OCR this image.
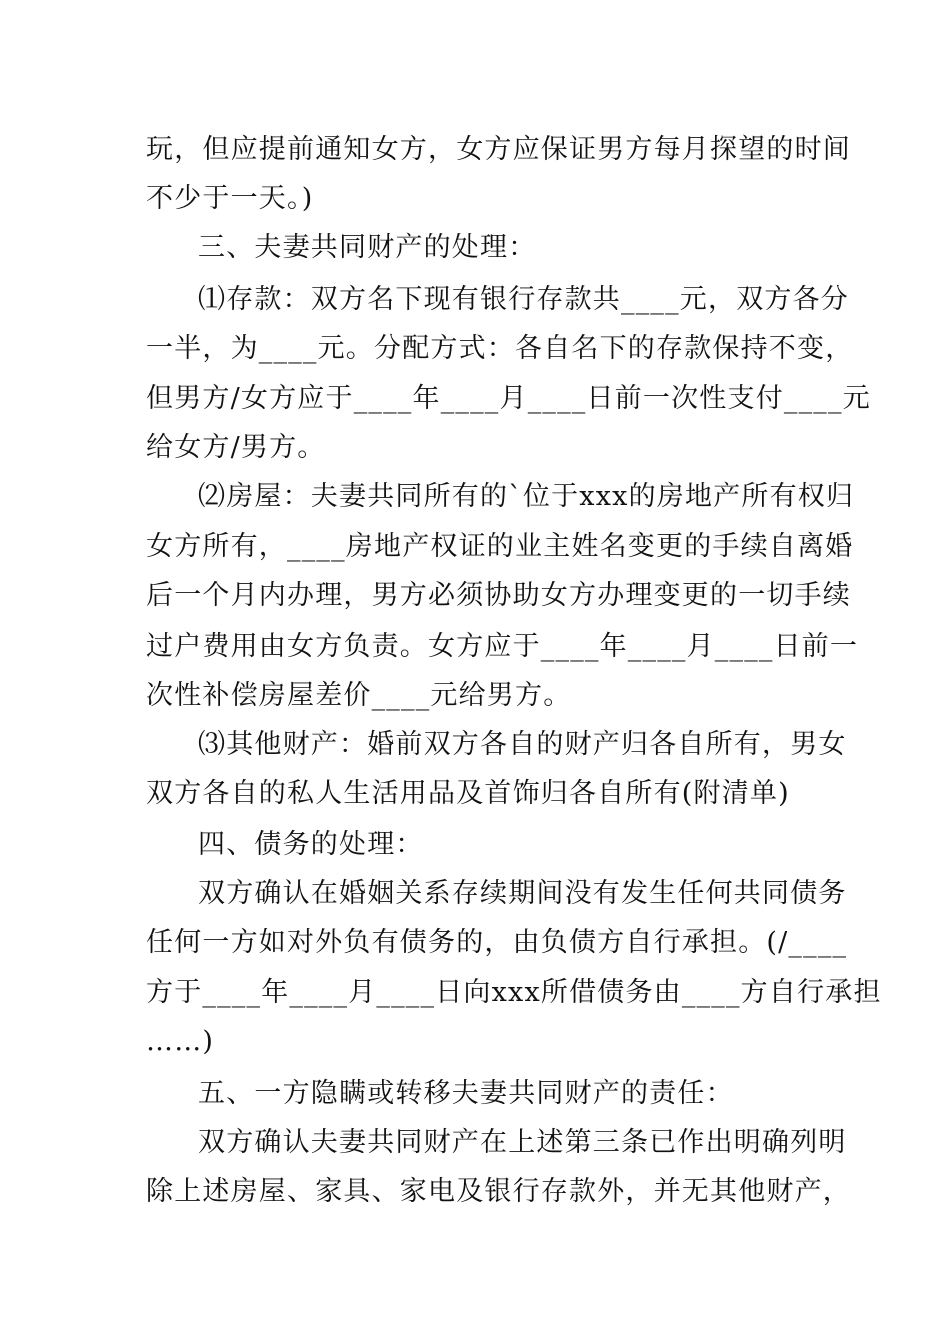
玩，但应提前通知女方，女方应保证男方每月探望的时间
不少于一天。)
三、夫妻共同财产的处理：
⑴存款：双方名下现有银行存款共____元，双方各分
一半，为____元。分配方式：各自名下的存款保持不变，
但男方/女方应于____年____月____日前一次性支付____元
给女方/男方。
⑵房屋：夫妻共同所有的`位于xxx的房地产所有权归
女方所有，____房地产权证的业主姓名变更的手续自离婚
后一个月内办理，男方必须协助女方办理变更的一切手续
过户费用由女方负责。女方应于____年____月____日前一
次性补偿房屋差价____元给男方。
⑶其他财产：婚前双方各自的财产归各自所有，男女
双方各自的私人生活用品及首饰归各自所有(附清单)
四、债务的处理：
双方确认在婚姻关系存续期间没有发生任何共同债务
任何一方如对外负有债务的，由负债方自行承担。(/____
方于____年____月____日向xxx所借债务由____方自行承担
……)
五、一方隐瞒或转移夫妻共同财产的责任：
双方确认夫妻共同财产在上述第三条已作出明确列明
除上述房屋、家具、家电及银行存款外，并无其他财产，
